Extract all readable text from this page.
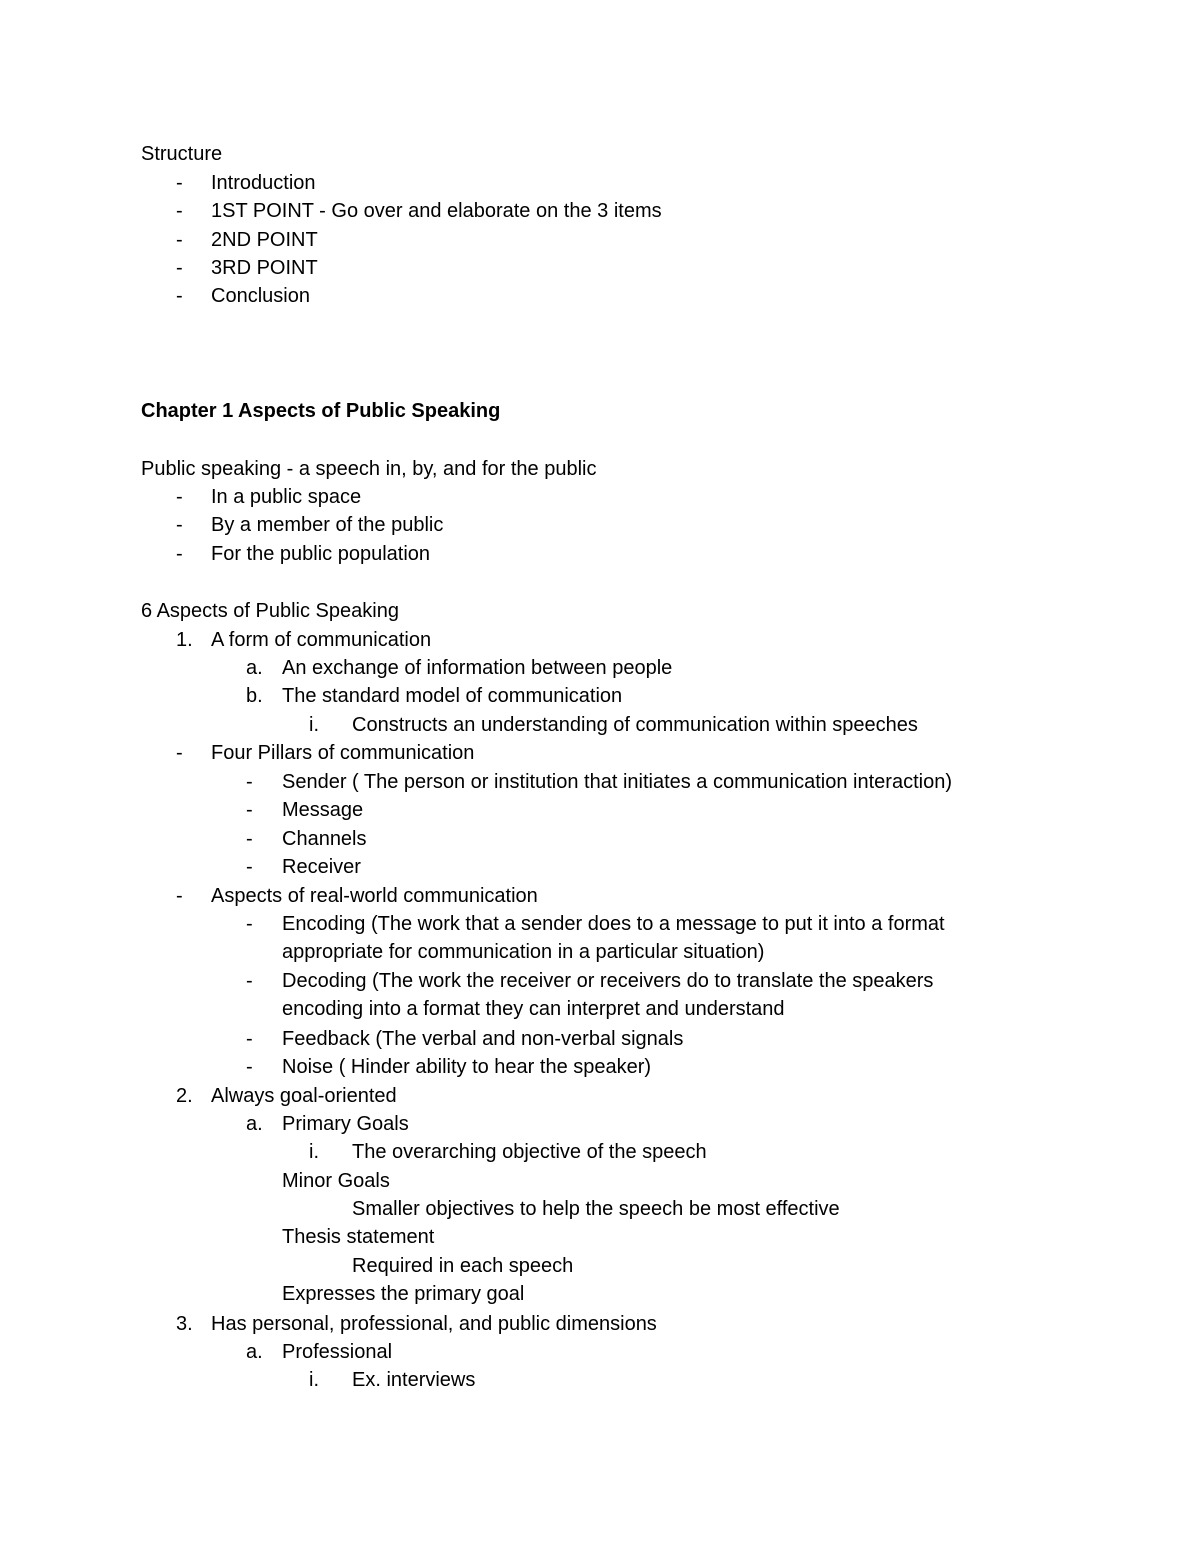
Structure
- Introduction
- 1ST POINT - Go over and elaborate on the 3 items
- 2ND POINT
- 3RD POINT
- Conclusion
Chapter 1 Aspects of Public Speaking
Public speaking - a speech in, by, and for the public
- In a public space
- By a member of the public
- For the public population
6 Aspects of Public Speaking
1. A form of communication
a. An exchange of information between people
b. The standard model of communication
i. Constructs an understanding of communication within speeches
- Four Pillars of communication
- Sender ( The person or institution that initiates a communication interaction)
- Message
- Channels
- Receiver
- Aspects of real-world communication
- Encoding (The work that a sender does to a message to put it into a format
appropriate for communication in a particular situation)
- Decoding (The work the receiver or receivers do to translate the speakers
encoding into a format they can interpret and understand
- Feedback (The verbal and non-verbal signals
- Noise ( Hinder ability to hear the speaker)
2. Always goal-oriented
a. Primary Goals
i. The overarching objective of the speech
Minor Goals
Smaller objectives to help the speech be most effective
Thesis statement
Required in each speech
Expresses the primary goal
3. Has personal, professional, and public dimensions
a. Professional
i. Ex. interviews
